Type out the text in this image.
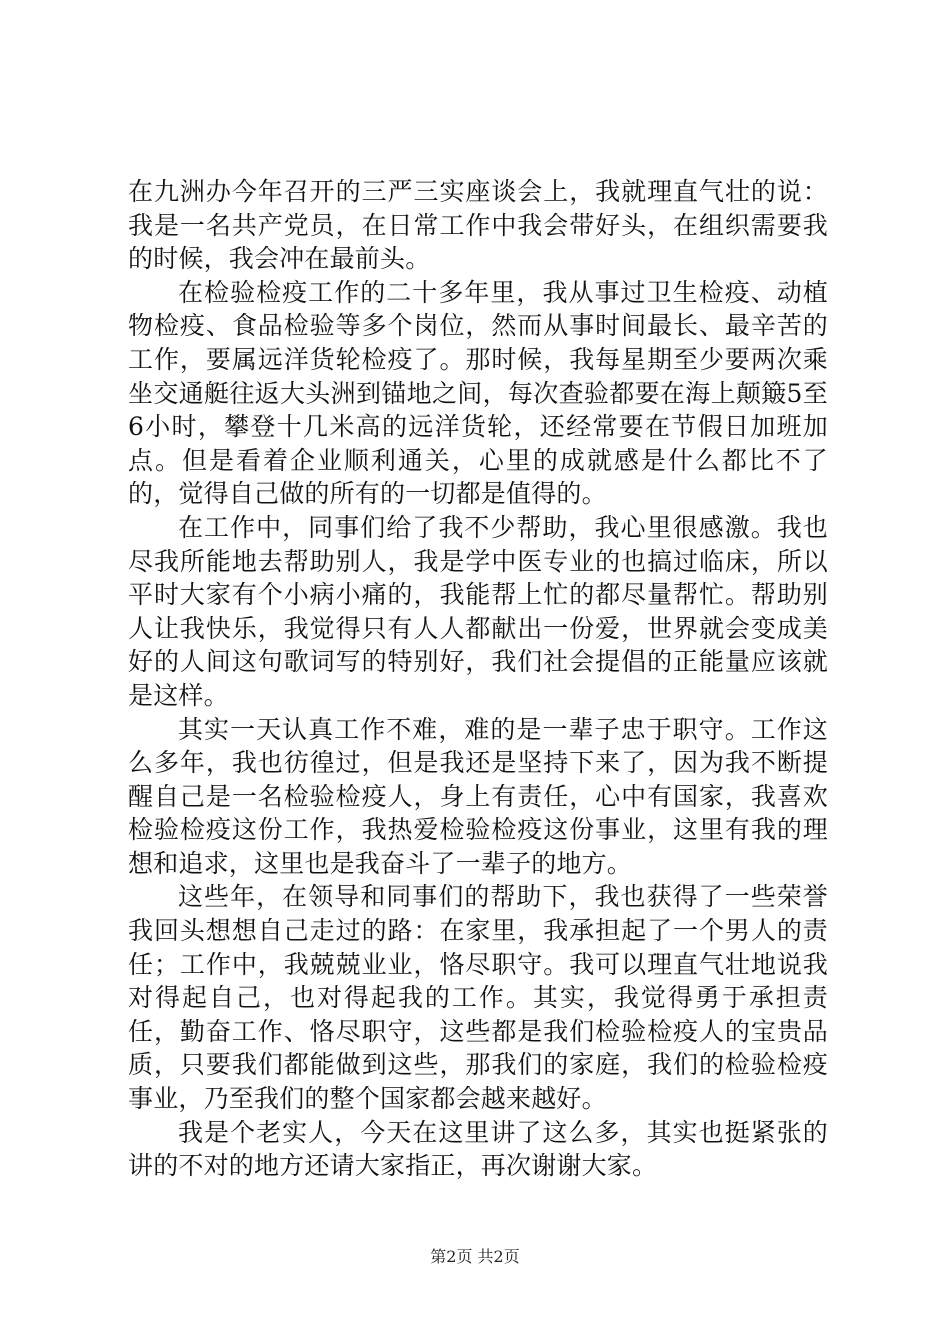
在九洲办今年召开的三严三实座谈会上，我就理直气壮的说：我是一名共产党员，在日常工作中我会带好头，在组织需要我的时候，我会冲在最前头。

在检验检疫工作的二十多年里，我从事过卫生检疫、动植物检疫、食品检验等多个岗位，然而从事时间最长、最辛苦的工作，要属远洋货轮检疫了。那时候，我每星期至少要两次乘坐交通艇往返大头洲到锚地之间，每次查验都要在海上颠簸5至6小时，攀登十几米高的远洋货轮，还经常要在节假日加班加点。但是看着企业顺利通关，心里的成就感是什么都比不了的，觉得自己做的所有的一切都是值得的。

在工作中，同事们给了我不少帮助，我心里很感激。我也尽我所能地去帮助别人，我是学中医专业的也搞过临床，所以平时大家有个小病小痛的，我能帮上忙的都尽量帮忙。帮助别人让我快乐，我觉得只有人人都献出一份爱，世界就会变成美好的人间这句歌词写的特别好，我们社会提倡的正能量应该就是这样。

其实一天认真工作不难，难的是一辈子忠于职守。工作这么多年，我也彷徨过，但是我还是坚持下来了，因为我不断提醒自己是一名检验检疫人，身上有责任，心中有国家，我喜欢检验检疫这份工作，我热爱检验检疫这份事业，这里有我的理想和追求，这里也是我奋斗了一辈子的地方。

这些年，在领导和同事们的帮助下，我也获得了一些荣誉我回头想想自己走过的路：在家里，我承担起了一个男人的责任；工作中，我兢兢业业，恪尽职守。我可以理直气壮地说我对得起自己，也对得起我的工作。其实，我觉得勇于承担责任，勤奋工作、恪尽职守，这些都是我们检验检疫人的宝贵品质，只要我们都能做到这些，那我们的家庭，我们的检验检疫事业，乃至我们的整个国家都会越来越好。

我是个老实人，今天在这里讲了这么多，其实也挺紧张的讲的不对的地方还请大家指正，再次谢谢大家。

第2页 共2页
